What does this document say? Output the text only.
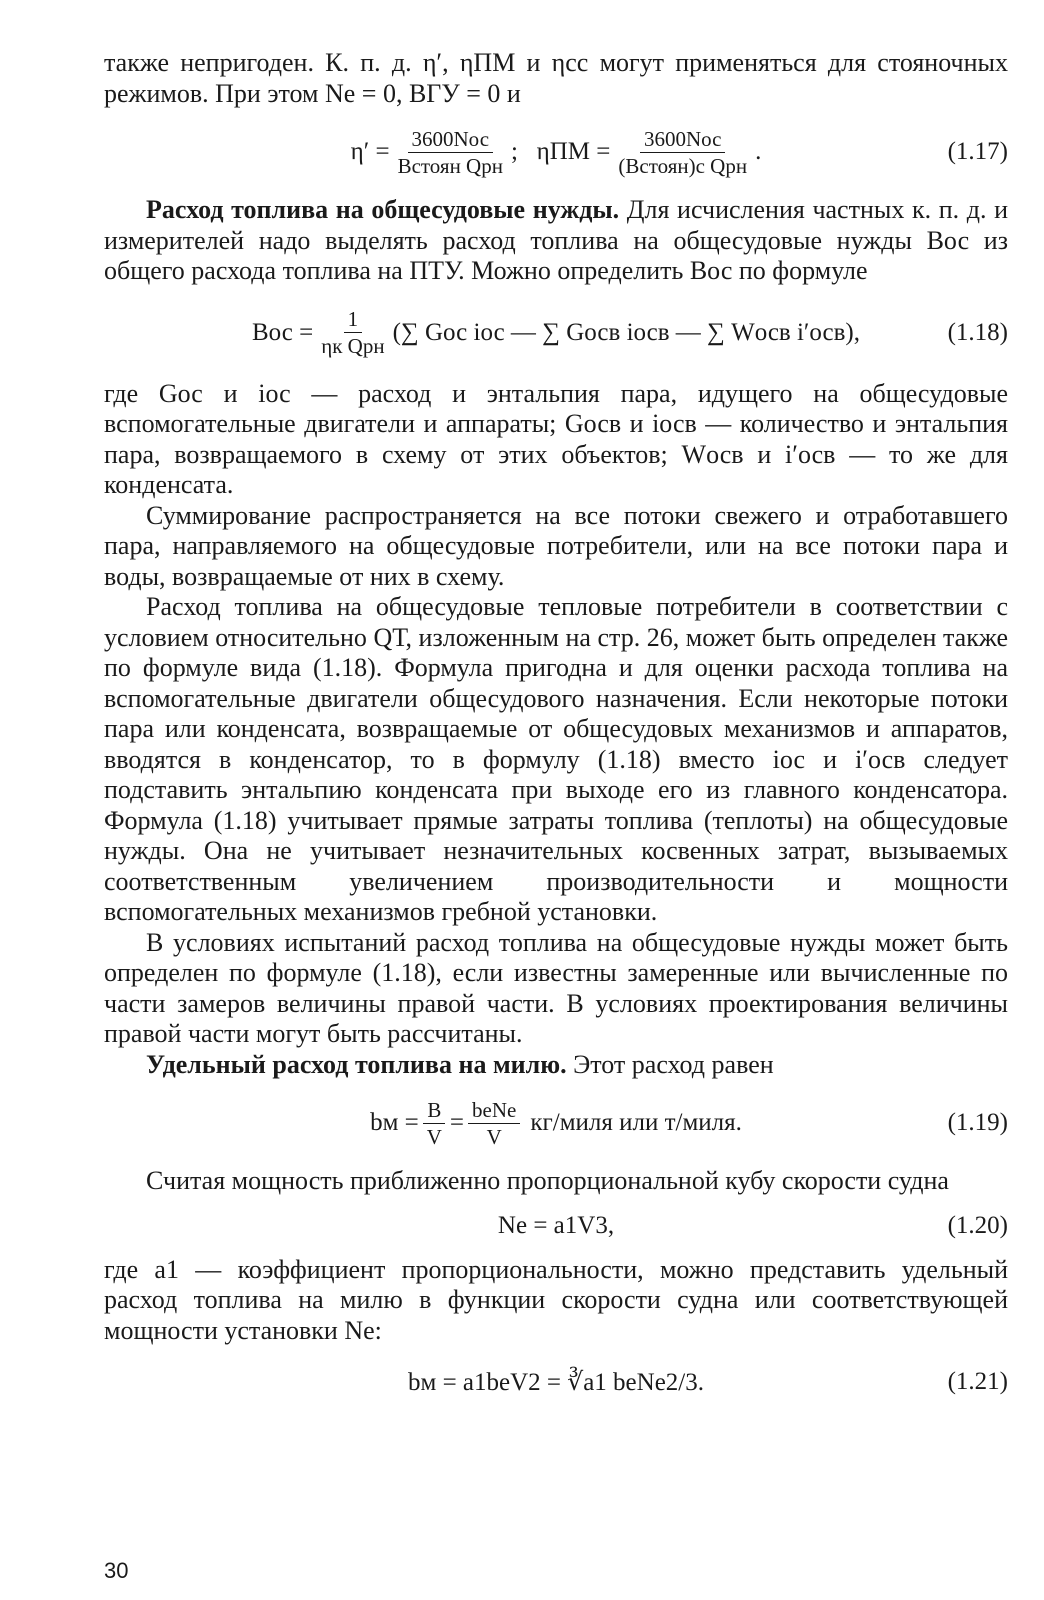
также непригоден. К. п. д. η′, ηПМ и ηсс могут применяться для стояночных режимов. При этом Ne = 0, BГУ = 0 и

$\eta' = \frac{\text{3600Nос}}{\text{Bстоян Qрн}}$ ;   $\eta ПМ = \frac{\text{3600Nос}}{\text{(Bстоян)с Qрн}}$ .	(1.17)

Расход топлива на общесудовые нужды. Для исчисления частных к. п. д. и измерителей надо выделять расход топлива на общесудовые нужды Bос из общего расхода топлива на ПТУ. Можно определить Bос по формуле

Bос = $\frac{1}{\text{ηк Qрн}}$ (∑ Gос iос — ∑ Gосв iосв — ∑ Wосв i′осв),	(1.18)

где Gос и iос — расход и энтальпия пара, идущего на общесудовые вспомогательные двигатели и аппараты; Gосв и iосв — количество и энтальпия пара, возвращаемого в схему от этих объектов; Wосв и i′осв — то же для конденсата.

Суммирование распространяется на все потоки свежего и отработавшего пара, направляемого на общесудовые потребители, или на все потоки пара и воды, возвращаемые от них в схему.

Расход топлива на общесудовые тепловые потребители в соответствии с условием относительно QТ, изложенным на стр. 26, может быть определен также по формуле вида (1.18). Формула пригодна и для оценки расхода топлива на вспомогательные двигатели общесудового назначения. Если некоторые потоки пара или конденсата, возвращаемые от общесудовых механизмов и аппаратов, вводятся в конденсатор, то в формулу (1.18) вместо iос и i′осв следует подставить энтальпию конденсата при выходе его из главного конденсатора. Формула (1.18) учитывает прямые затраты топлива (теплоты) на общесудовые нужды. Она не учитывает незначительных косвенных затрат, вызываемых соответственным увеличением производительности и мощности вспомогательных механизмов гребной установки.

В условиях испытаний расход топлива на общесудовые нужды может быть определен по формуле (1.18), если известны замеренные или вычисленные по части замеров величины правой части. В условиях проектирования величины правой части могут быть рассчитаны.

Удельный расход топлива на милю. Этот расход равен

bм = $\frac{B}{V} = \frac{\text{beNe}}{V}$ кг/миля или т/миля.	(1.19)

Считая мощность приближенно пропорциональной кубу скорости судна

Ne = a1V3,	(1.20)

где a1 — коэффициент пропорциональности, можно представить удельный расход топлива на милю в функции скорости судна или соответствующей мощности установки Ne:

bм = a1beV2 = ∛a1 beNe2/3.	(1.21)
30
